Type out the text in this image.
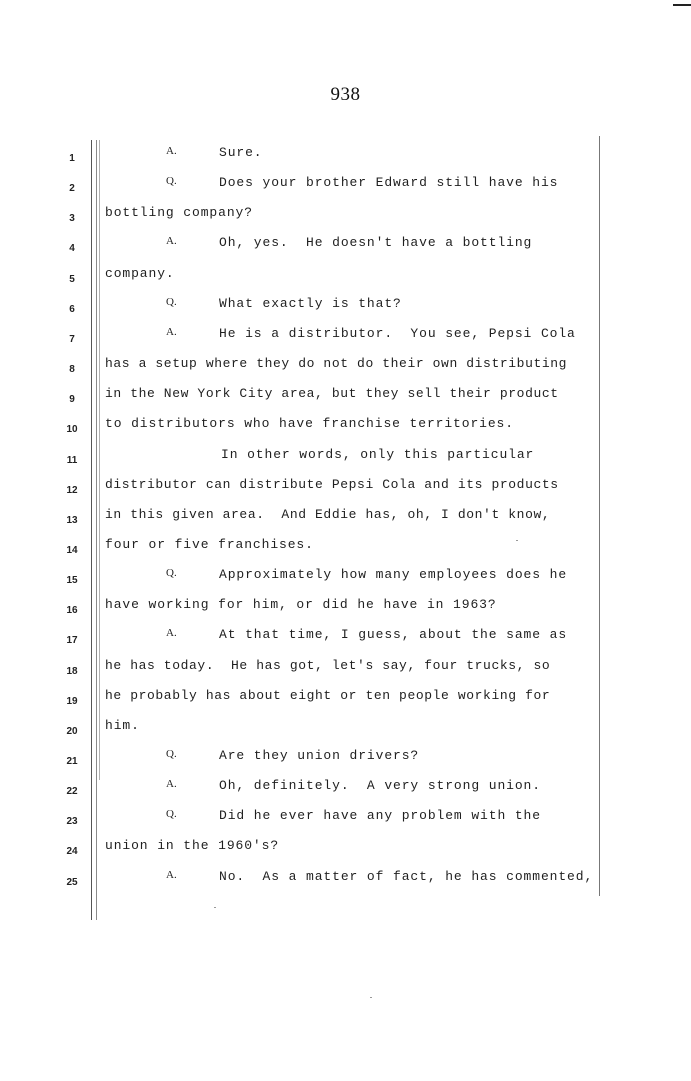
938
1
A.	Sure.
2
Q.	Does your brother Edward still have his
3	bottling company?
4
A.	Oh, yes.  He doesn't have a bottling
5	company.
6
Q.	What exactly is that?
7
A.	He is a distributor.  You see, Pepsi Cola
8	has a setup where they do not do their own distributing
9	in the New York City area, but they sell their product
10	to distributors who have franchise territories.
11	In other words, only this particular
12	distributor can distribute Pepsi Cola and its products
13	in this given area.  And Eddie has, oh, I don't know,
14	four or five franchises.
15
Q.	Approximately how many employees does he
16	have working for him, or did he have in 1963?
17
A.	At that time, I guess, about the same as
18	he has today.  He has got, let's say, four trucks, so
19	he probably has about eight or ten people working for
20	him.
21
Q.	Are they union drivers?
22
A.	Oh, definitely.  A very strong union.
23
Q.	Did he ever have any problem with the
24	union in the 1960's?
25
A.	No.  As a matter of fact, he has commented,
